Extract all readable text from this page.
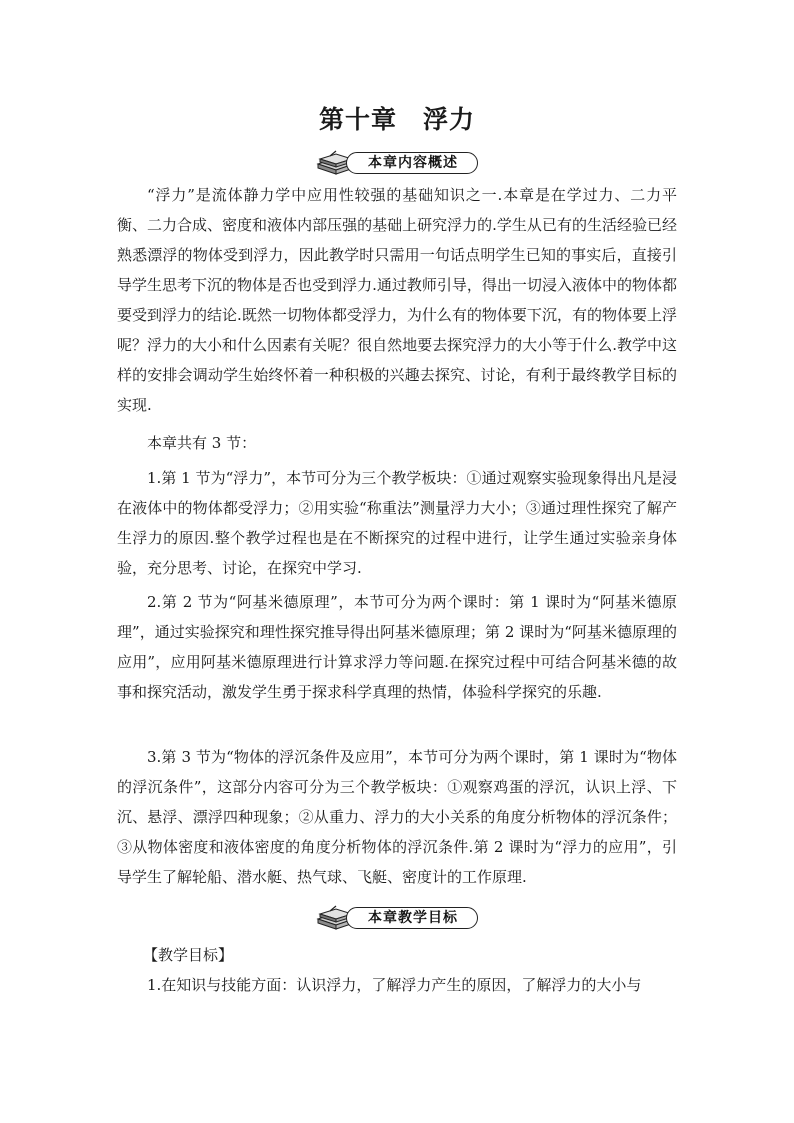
第十章 浮力
本章内容概述

“浮力”是流体静力学中应用性较强的基础知识之一.本章是在学过力、二力平衡、二力合成、密度和液体内部压强的基础上研究浮力的.学生从已有的生活经验已经熟悉漂浮的物体受到浮力，因此教学时只需用一句话点明学生已知的事实后，直接引导学生思考下沉的物体是否也受到浮力.通过教师引导，得出一切浸入液体中的物体都要受到浮力的结论.既然一切物体都受浮力，为什么有的物体要下沉，有的物体要上浮呢？浮力的大小和什么因素有关呢？很自然地要去探究浮力的大小等于什么.教学中这样的安排会调动学生始终怀着一种积极的兴趣去探究、讨论，有利于最终教学目标的实现.

本章共有 3 节：

1.第 1 节为“浮力”，本节可分为三个教学板块：①通过观察实验现象得出凡是浸在液体中的物体都受浮力；②用实验“称重法”测量浮力大小；③通过理性探究了解产生浮力的原因.整个教学过程也是在不断探究的过程中进行，让学生通过实验亲身体验，充分思考、讨论，在探究中学习.

2.第 2 节为“阿基米德原理”，本节可分为两个课时：第 1 课时为“阿基米德原理”，通过实验探究和理性探究推导得出阿基米德原理；第 2 课时为“阿基米德原理的应用”，应用阿基米德原理进行计算求浮力等问题.在探究过程中可结合阿基米德的故事和探究活动，激发学生勇于探求科学真理的热情，体验科学探究的乐趣.

3.第 3 节为“物体的浮沉条件及应用”，本节可分为两个课时，第 1 课时为“物体的浮沉条件”，这部分内容可分为三个教学板块：①观察鸡蛋的浮沉，认识上浮、下沉、悬浮、漂浮四种现象；②从重力、浮力的大小关系的角度分析物体的浮沉条件；③从物体密度和液体密度的角度分析物体的浮沉条件.第 2 课时为“浮力的应用”，引导学生了解轮船、潜水艇、热气球、飞艇、密度计的工作原理.

本章教学目标

【教学目标】

1.在知识与技能方面：认识浮力，了解浮力产生的原因，了解浮力的大小与
